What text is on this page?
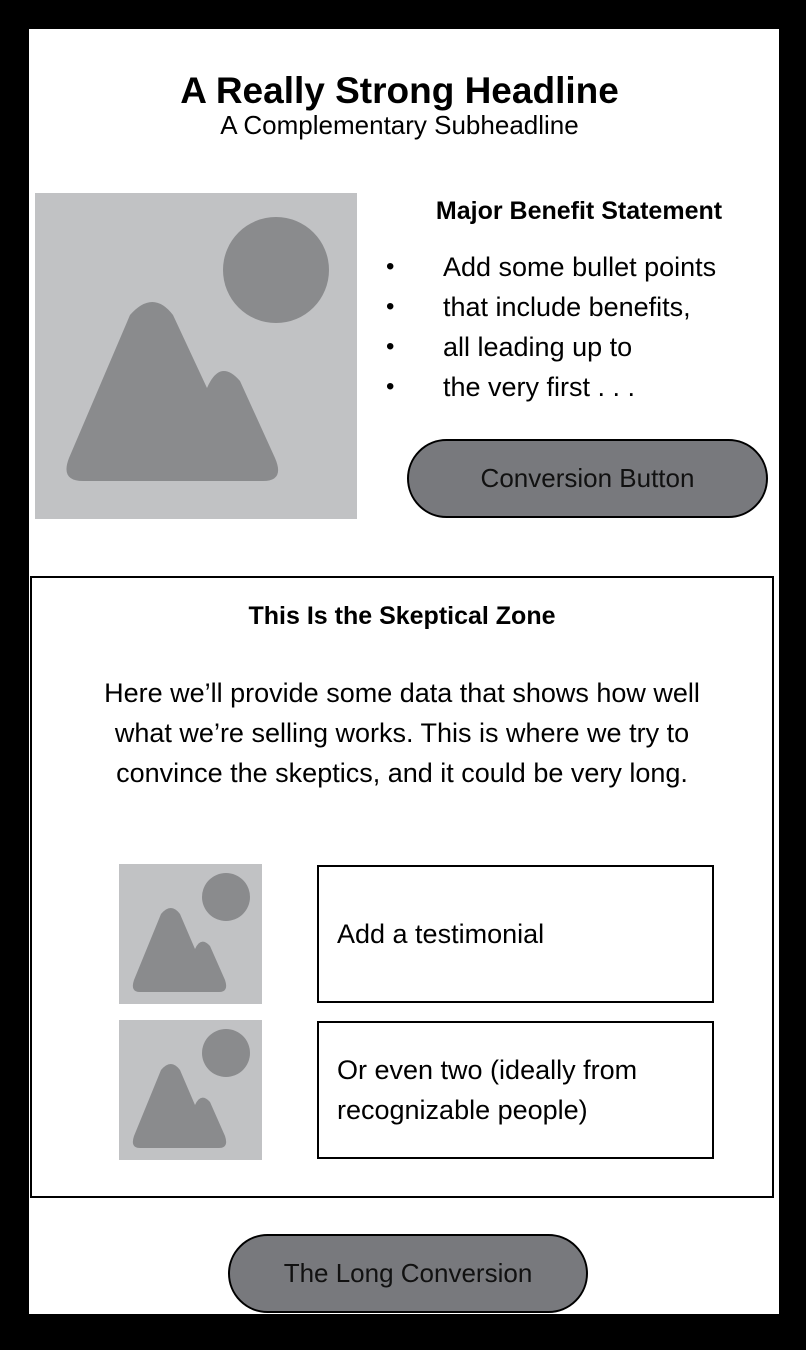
A Really Strong Headline
A Complementary Subheadline
Major Benefit Statement
• Add some bullet points
• that include benefits,
• all leading up to
• the very first . . .
Conversion Button
This Is the Skeptical Zone
Here we’ll provide some data that shows how well what we’re selling works. This is where we try to convince the skeptics, and it could be very long.
Add a testimonial
Or even two (ideally from recognizable people)
The Long Conversion
